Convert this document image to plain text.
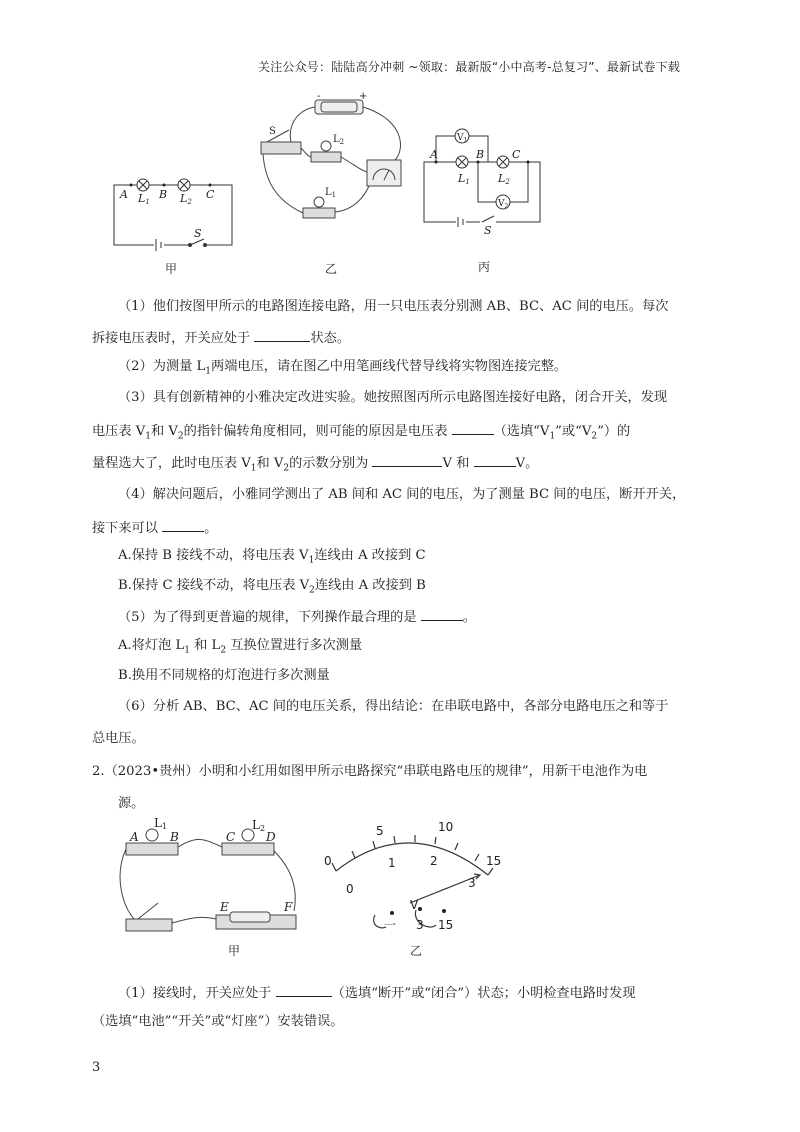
关注公众号：陆陆高分冲刺 ~领取：最新版“小中高考-总复习”、最新试卷下载
A	B	C
L1	L2
S
甲
-	+
S
$L_2$
$L_1$
乙
A	B	C
$V_1$
$V_2$
L1	L2
S
丙
（1）他们按图甲所示的电路图连接电路，用一只电压表分别测 AB、BC、AC 间的电压。每次
拆接电压表时，开关应处于	状态。
（2）为测量 $L_1$两端电压，请在图乙中用笔画线代替导线将实物图连接完整。
（3）具有创新精神的小雅决定改进实验。她按照图丙所示电路图连接好电路，闭合开关，发现
电压表 $V_1$和 $V_2$的指针偏转角度相同，则可能的原因是电压表	（选填“$V_1$”或“$V_2$”）的
量程选大了，此时电压表 $V_1$和 $V_2$的示数分别为	V 和	V。
（4）解决问题后，小雅同学测出了 AB 间和 AC 间的电压，为了测量 BC 间的电压，断开开关，
接下来可以	。
A.保持 B 接线不动，将电压表 $V_1$连线由 A 改接到 C
B.保持 C 接线不动，将电压表 $V_2$连线由 A 改接到 B
（5）为了得到更普遍的规律，下列操作最合理的是	。
A.将灯泡 $L_1$ 和 $L_2$ 互换位置进行多次测量
B.换用不同规格的灯泡进行多次测量
（6）分析 AB、BC、AC 间的电压关系，得出结论：在串联电路中，各部分电路电压之和等于
总电压。
2.（2023•贵州）小明和小红用如图甲所示电路探究“串联电路电压的规律”，用新干电池作为电
源。
A	B	C	D
E	F
L1	L2
甲
5	10
15
1	2
3
0
0
V
一 3 15
乙
（1）接线时，开关应处于	（选填“断开”或“闭合”）状态；小明检查电路时发现
（选填“电池”“开关”或“灯座”）安装错误。
3
